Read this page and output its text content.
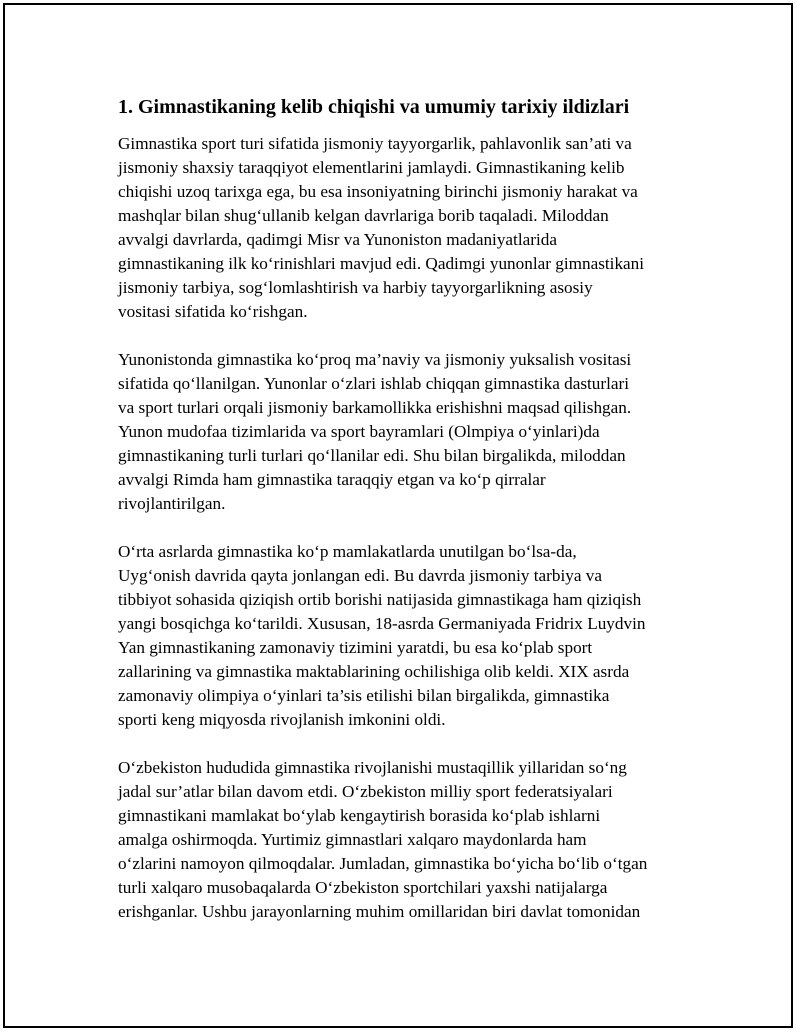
1. Gimnastikaning kelib chiqishi va umumiy tarixiy ildizlari

Gimnastika sport turi sifatida jismoniy tayyorgarlik, pahlavonlik san’ati va
jismoniy shaxsiy taraqqiyot elementlarini jamlaydi. Gimnastikaning kelib
chiqishi uzoq tarixga ega, bu esa insoniyatning birinchi jismoniy harakat va
mashqlar bilan shugʻullanib kelgan davrlariga borib taqaladi. Miloddan
avvalgi davrlarda, qadimgi Misr va Yunoniston madaniyatlarida
gimnastikaning ilk koʻrinishlari mavjud edi. Qadimgi yunonlar gimnastikani
jismoniy tarbiya, sogʻlomlashtirish va harbiy tayyorgarlikning asosiy
vositasi sifatida koʻrishgan.

Yunonistonda gimnastika koʻproq ma’naviy va jismoniy yuksalish vositasi
sifatida qoʻllanilgan. Yunonlar oʻzlari ishlab chiqqan gimnastika dasturlari
va sport turlari orqali jismoniy barkamollikka erishishni maqsad qilishgan.
Yunon mudofaa tizimlarida va sport bayramlari (Olmpiya oʻyinlari)da
gimnastikaning turli turlari qoʻllanilar edi. Shu bilan birgalikda, miloddan
avvalgi Rimda ham gimnastika taraqqiy etgan va koʻp qirralar
rivojlantirilgan.

Oʻrta asrlarda gimnastika koʻp mamlakatlarda unutilgan boʻlsa-da,
Uygʻonish davrida qayta jonlangan edi. Bu davrda jismoniy tarbiya va
tibbiyot sohasida qiziqish ortib borishi natijasida gimnastikaga ham qiziqish
yangi bosqichga koʻtarildi. Xususan, 18-asrda Germaniyada Fridrix Luydvin
Yan gimnastikaning zamonaviy tizimini yaratdi, bu esa koʻplab sport
zallarining va gimnastika maktablarining ochilishiga olib keldi. XIX asrda
zamonaviy olimpiya oʻyinlari ta’sis etilishi bilan birgalikda, gimnastika
sporti keng miqyosda rivojlanish imkonini oldi.

Oʻzbekiston hududida gimnastika rivojlanishi mustaqillik yillaridan soʻng
jadal sur’atlar bilan davom etdi. Oʻzbekiston milliy sport federatsiyalari
gimnastikani mamlakat boʻylab kengaytirish borasida koʻplab ishlarni
amalga oshirmoqda. Yurtimiz gimnastlari xalqaro maydonlarda ham
oʻzlarini namoyon qilmoqdalar. Jumladan, gimnastika boʻyicha boʻlib oʻtgan
turli xalqaro musobaqalarda Oʻzbekiston sportchilari yaxshi natijalarga
erishganlar. Ushbu jarayonlarning muhim omillaridan biri davlat tomonidan
